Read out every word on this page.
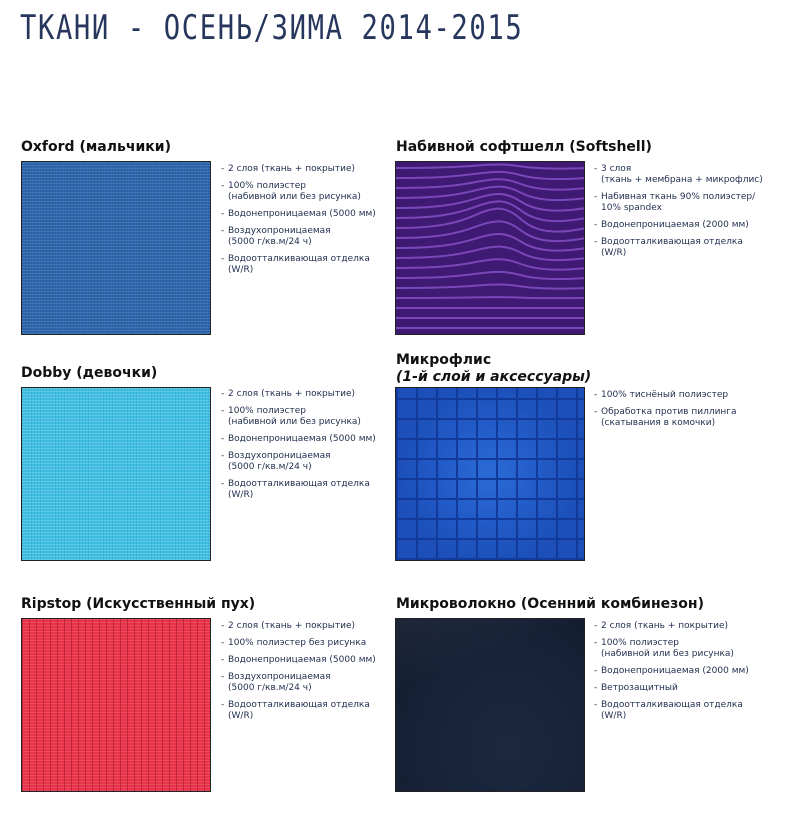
ТКАНИ - ОСЕНЬ/ЗИМА 2014-2015
Oxford (мальчики)
- 2 слоя (ткань + покрытие)
- 100% полиэстер
(набивной или без рисунка)
- Водонепроницаемая (5000 мм)
- Воздухопроницаемая
(5000 г/кв.м/24 ч)
- Водоотталкивающая отделка
(W/R)
Набивной софтшелл (Softshell)
- 3 слоя
(ткань + мембрана + микрофлис)
- Набивная ткань 90% полиэстер/
10% spandex
- Водонепроницаемая (2000 мм)
- Водоотталкивающая отделка
(W/R)
Dobby (девочки)
- 2 слоя (ткань + покрытие)
- 100% полиэстер
(набивной или без рисунка)
- Водонепроницаемая (5000 мм)
- Воздухопроницаемая
(5000 г/кв.м/24 ч)
- Водоотталкивающая отделка
(W/R)
Микрофлис
(1-й слой и аксессуары)
- 100% тиснёный полиэстер
- Обработка против пиллинга
(скатывания в комочки)
Ripstop (Искусственный пух)
- 2 слоя (ткань + покрытие)
- 100% полиэстер без рисунка
- Водонепроницаемая (5000 мм)
- Воздухопроницаемая
(5000 г/кв.м/24 ч)
- Водоотталкивающая отделка
(W/R)
Микроволокно (Осенний комбинезон)
- 2 слоя (ткань + покрытие)
- 100% полиэстер
(набивной или без рисунка)
- Водонепроницаемая (2000 мм)
- Ветрозащитный
- Водоотталкивающая отделка
(W/R)
